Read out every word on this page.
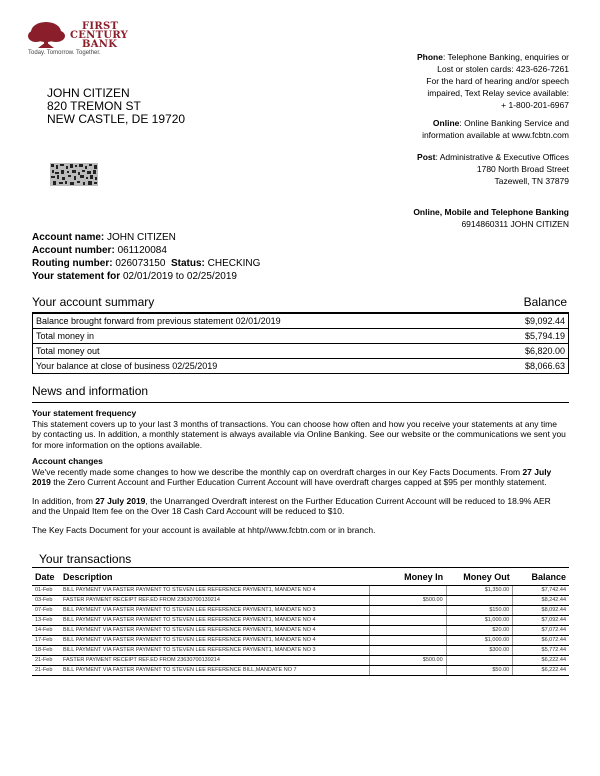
FIRST
CENTURY
BANK
Today. Tomorrow. Together.
JOHN CITIZEN
820 TREMON ST
NEW CASTLE, DE 19720
Phone: Telephone Banking, enquiries or
Lost or stolen cards: 423-626-7261
For the hard of hearing and/or speech
impaired, Text Relay sevice available:
+ 1-800-201-6967
Online: Online Banking Service and
information available at www.fcbtn.com
Post: Administrative & Executive Offices
1780 North Broad Street
Tazewell, TN 37879
Online, Mobile and Telephone Banking
6914860311 JOHN CITIZEN
Account name: JOHN CITIZEN
Account number: 061120084
Routing number: 026073150 Status: CHECKING
Your statement for 02/01/2019 to 02/25/2019
Your account summary	Balance
Balance brought forward from previous statement 02/01/2019	$9,092.44
Total money in	$5,794.19
Total money out	$6,820.00
Your balance at close of business 02/25/2019	$8,066.63
News and information

Your statement frequency

This statement covers up to your last 3 months of transactions. You can choose how often and how you receive your statements at any time by contacting us. In addition, a monthly statement is always available via Online Banking. See our website or the communications we sent you for more information on the options available.

Account changes

We've recently made some changes to how we describe the monthly cap on overdraft charges in our Key Facts Documents. From 27 July 2019 the Zero Current Account and Further Education Current Account will have overdraft charges capped at $95 per monthly statement.

In addition, from 27 July 2019, the Unarranged Overdraft interest on the Further Education Current Account will be reduced to 18.9% AER and the Unpaid Item fee on the Over 18 Cash Card Account will be reduced to $10.

The Key Facts Document for your account is available at hhtp//www.fcbtn.com or in branch.

Your transactions
Date	Description	Money In	Money Out	Balance
01-Feb	BILL PAYMENT VIA FASTER PAYMENT TO STEVEN LEE REFERENCE PAYMENT1, MANDATE NO 4		$1,350.00	$7,742.44
03-Feb	FASTER PAYMENT RECEIPT REF.ED FROM 23630700139214	$500.00		$8,242.44
07-Feb	BILL PAYMENT VIA FASTER PAYMENT TO STEVEN LEE REFERENCE PAYMENT1, MANDATE NO 3		$150.00	$8,092.44
13-Feb	BILL PAYMENT VIA FASTER PAYMENT TO STEVEN LEE REFERENCE PAYMENT1, MANDATE NO 4		$1,000.00	$7,092.44
14-Feb	BILL PAYMENT VIA FASTER PAYMENT TO STEVEN LEE REFERENCE PAYMENT1, MANDATE NO 4		$20.00	$7,072.44
17-Feb	BILL PAYMENT VIA FASTER PAYMENT TO STEVEN LEE REFERENCE PAYMENT1, MANDATE NO 4		$1,000.00	$6,072.44
18-Feb	BILL PAYMENT VIA FASTER PAYMENT TO STEVEN LEE REFERENCE PAYMENT1, MANDATE NO 3		$300.00	$5,772.44
21-Feb	FASTER PAYMENT RECEIPT REF.ED FROM 23630700139214	$500.00		$6,222.44
21-Feb	BILL PAYMENT VIA FASTER PAYMENT TO STEVEN LEE REFERENCE BILL,MANDATE NO 7		$50.00	$6,222.44
